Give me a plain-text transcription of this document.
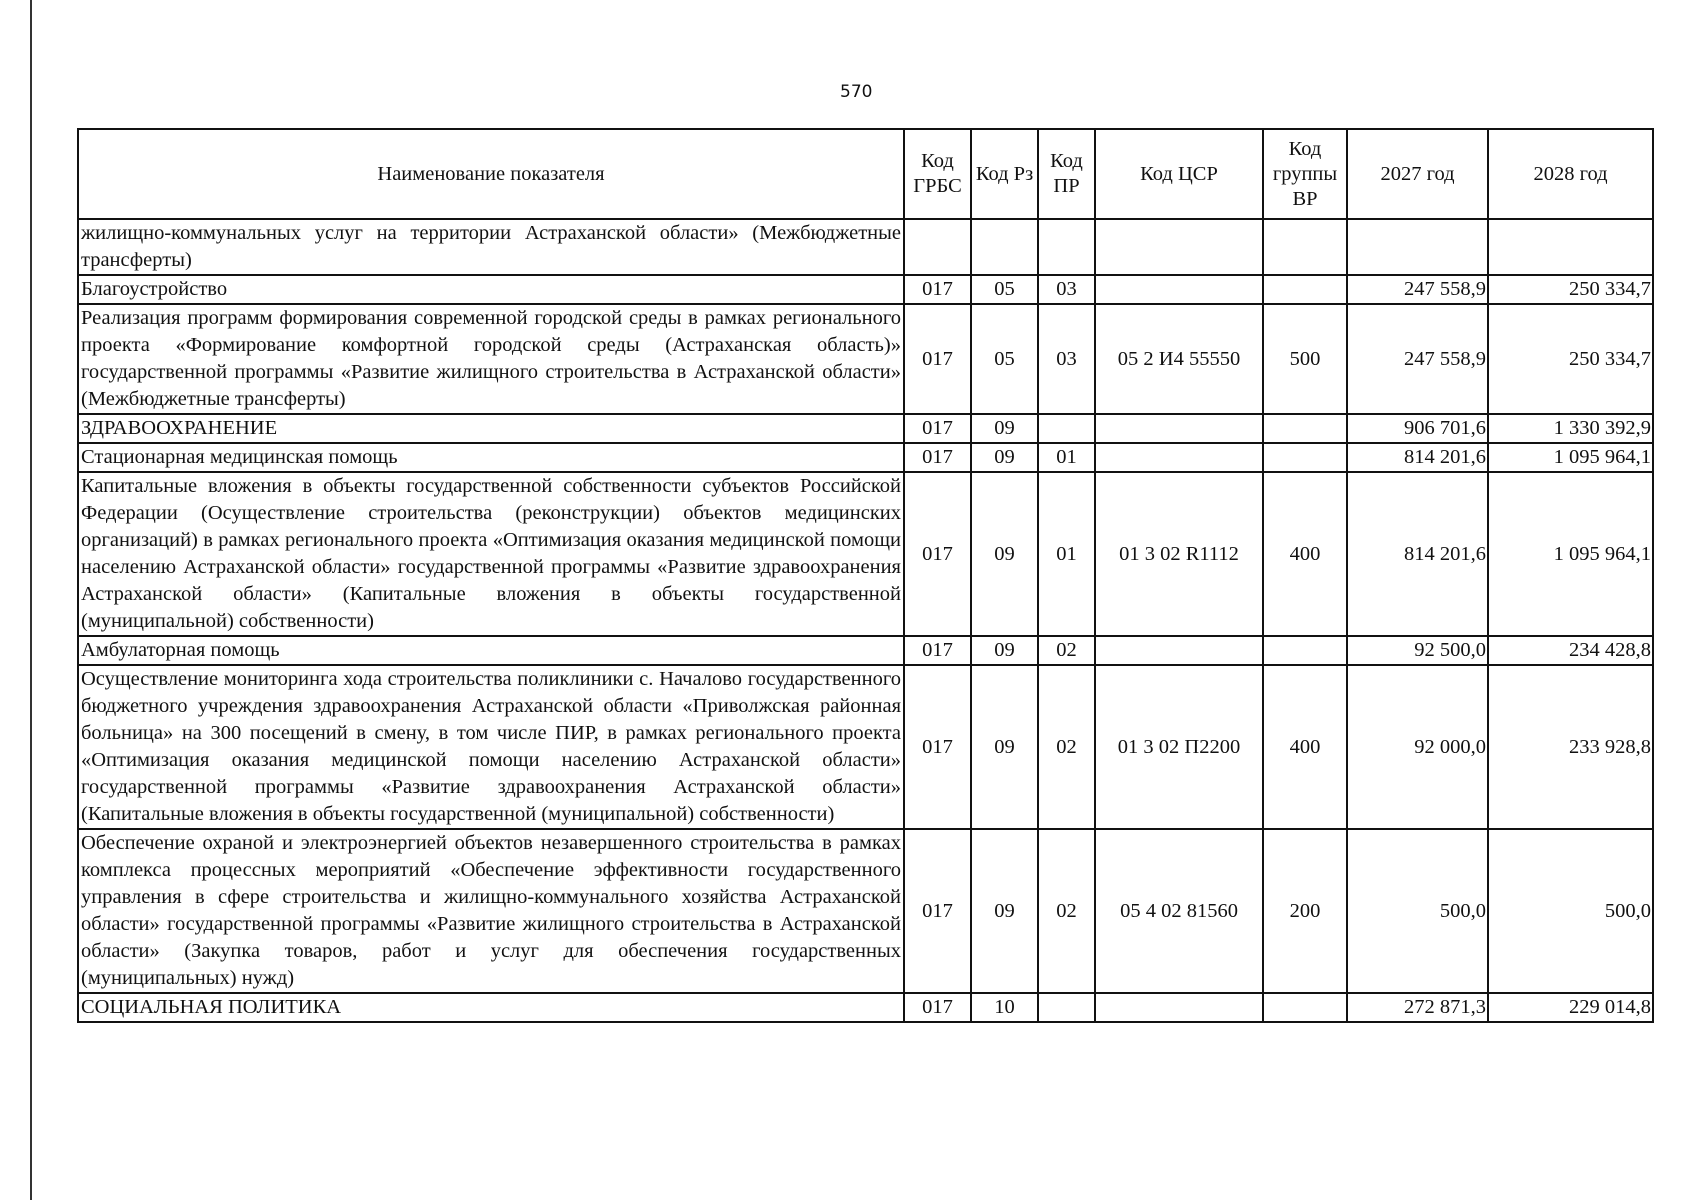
570
Наименование показателя	Код ГРБС	Код Рз	Код ПР	Код ЦСР	Код группы ВР	2027 год	2028 год
жилищно-коммунальных услуг на территории Астраханской области» (Межбюджетные трансферты)							
Благоустройство	017	05	03			247 558,9	250 334,7
Реализация программ формирования современной городской среды в рамках регионального проекта «Формирование комфортной городской среды (Астраханская область)» государственной программы «Развитие жилищного строительства в Астраханской области» (Межбюджетные трансферты)	017	05	03	05 2 И4 55550	500	247 558,9	250 334,7
ЗДРАВООХРАНЕНИЕ	017	09				906 701,6	1 330 392,9
Стационарная медицинская помощь	017	09	01			814 201,6	1 095 964,1
Капитальные вложения в объекты государственной собственности субъектов Российской Федерации (Осуществление строительства (реконструкции) объектов медицинских организаций) в рамках регионального проекта «Оптимизация оказания медицинской помощи населению Астраханской области» государственной программы «Развитие здравоохранения Астраханской области» (Капитальные вложения в объекты государственной (муниципальной) собственности)	017	09	01	01 3 02 R1112	400	814 201,6	1 095 964,1
Амбулаторная помощь	017	09	02			92 500,0	234 428,8
Осуществление мониторинга хода строительства поликлиники с. Началово государственного бюджетного учреждения здравоохранения Астраханской области «Приволжская районная больница» на 300 посещений в смену, в том числе ПИР, в рамках регионального проекта «Оптимизация оказания медицинской помощи населению Астраханской области» государственной программы «Развитие здравоохранения Астраханской области» (Капитальные вложения в объекты государственной (муниципальной) собственности)	017	09	02	01 3 02 П2200	400	92 000,0	233 928,8
Обеспечение охраной и электроэнергией объектов незавершенного строительства в рамках комплекса процессных мероприятий «Обеспечение эффективности государственного управления в сфере строительства и жилищно-коммунального хозяйства Астраханской области» государственной программы «Развитие жилищного строительства в Астраханской области» (Закупка товаров, работ и услуг для обеспечения государственных (муниципальных) нужд)	017	09	02	05 4 02 81560	200	500,0	500,0
СОЦИАЛЬНАЯ ПОЛИТИКА	017	10				272 871,3	229 014,8
